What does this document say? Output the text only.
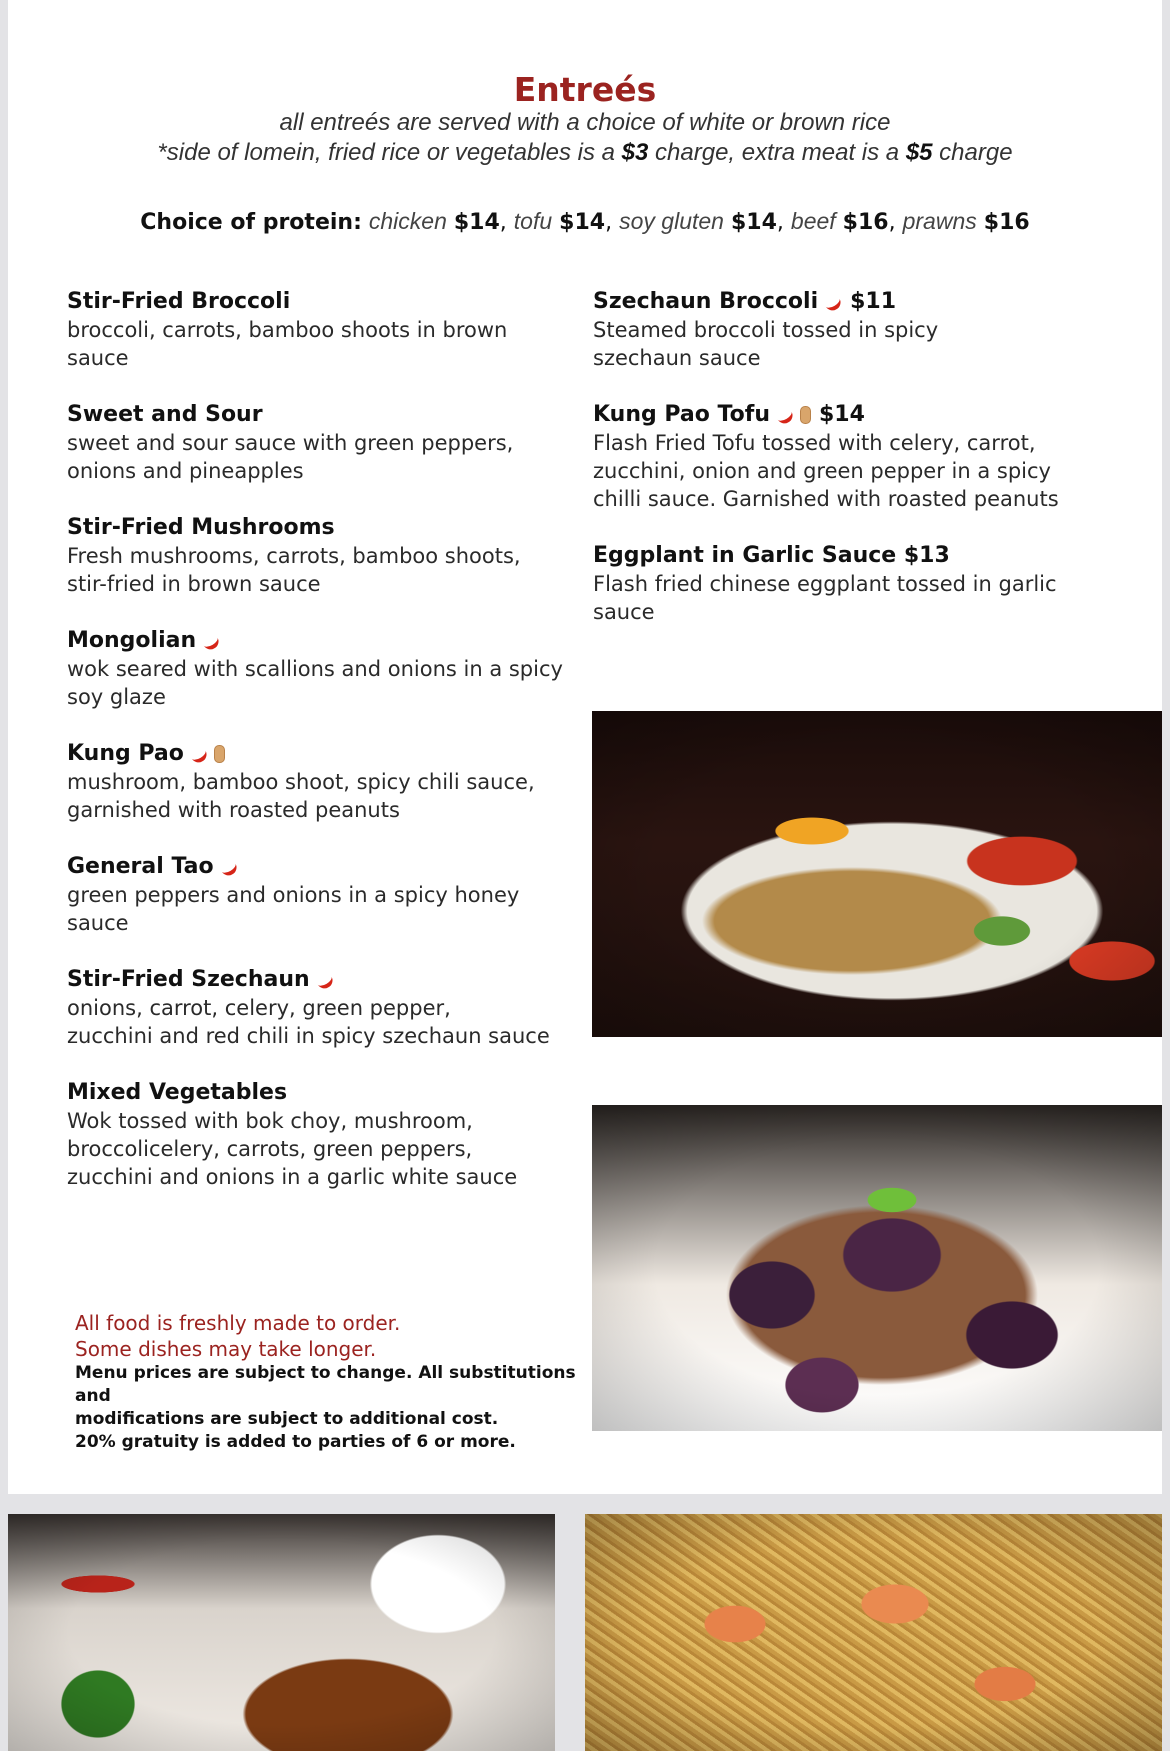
Entreés
all entreés are served with a choice of white or brown rice
*side of lomein, fried rice or vegetables is a $3 charge, extra meat is a $5 charge
Choice of protein: chicken $14, tofu $14, soy gluten $14, beef $16, prawns $16
Stir-Fried Broccoli
broccoli, carrots, bamboo shoots in brown
sauce
Sweet and Sour
sweet and sour sauce with green peppers,
onions and pineapples
Stir-Fried Mushrooms
Fresh mushrooms, carrots, bamboo shoots,
stir-fried in brown sauce
Mongolian
wok seared with scallions and onions in a spicy
soy glaze
Kung Pao
mushroom, bamboo shoot, spicy chili sauce,
garnished with roasted peanuts
General Tao
green peppers and onions in a spicy honey
sauce
Stir-Fried Szechaun
onions, carrot, celery, green pepper,
zucchini and red chili in spicy szechaun sauce
Mixed Vegetables
Wok tossed with bok choy, mushroom,
broccolicelery, carrots, green peppers,
zucchini and onions in a garlic white sauce
Szechaun Broccoli $11
Steamed broccoli tossed in spicy
szechaun sauce
Kung Pao Tofu $14
Flash Fried Tofu tossed with celery, carrot,
zucchini, onion and green pepper in a spicy
chilli sauce. Garnished with roasted peanuts
Eggplant in Garlic Sauce $13
Flash fried chinese eggplant tossed in garlic
sauce
All food is freshly made to order.
Some dishes may take longer.
Menu prices are subject to change. All substitutions and
modifications are subject to additional cost.
20% gratuity is added to parties of 6 or more.
